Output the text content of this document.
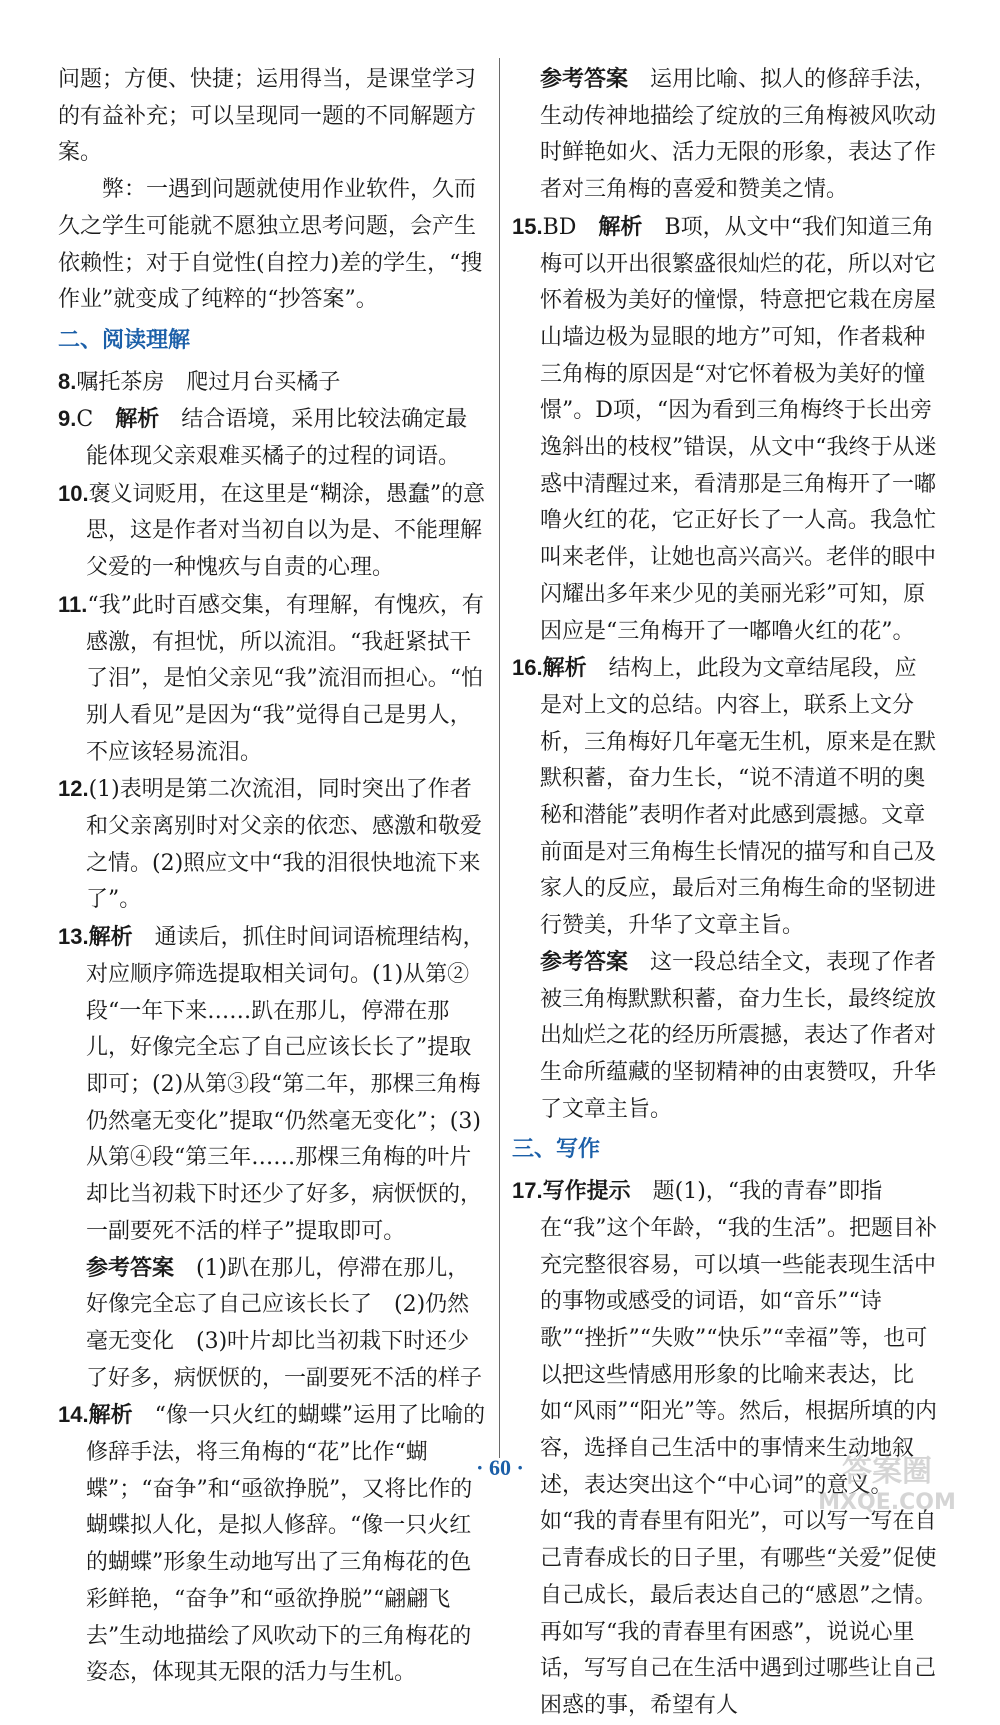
问题；方便、快捷；运用得当，是课堂学习的有益补充；可以呈现同一题的不同解题方案。

弊：一遇到问题就使用作业软件，久而久之学生可能就不愿独立思考问题，会产生依赖性；对于自觉性(自控力)差的学生，“搜作业”就变成了纯粹的“抄答案”。

二、阅读理解

8.嘱托茶房　爬过月台买橘子

9.C　 解析　 结合语境，采用比较法确定最能体现父亲艰难买橘子的过程的词语。

10.褒义词贬用，在这里是“糊涂，愚蠢”的意思，这是作者对当初自以为是、不能理解父爱的一种愧疚与自责的心理。

11.“我”此时百感交集，有理解，有愧疚，有感激，有担忧，所以流泪。“我赶紧拭干了泪”，是怕父亲见“我”流泪而担心。“怕别人看见”是因为“我”觉得自己是男人，不应该轻易流泪。

12.(1)表明是第二次流泪，同时突出了作者和父亲离别时对父亲的依恋、感激和敬爱之情。(2)照应文中“我的泪很快地流下来了”。

13.解析　 通读后，抓住时间词语梳理结构，对应顺序筛选提取相关词句。(1)从第②段“一年下来……趴在那儿，停滞在那儿，好像完全忘了自己应该长长了”提取即可；(2)从第③段“第二年，那棵三角梅仍然毫无变化”提取“仍然毫无变化”；(3)从第④段“第三年……那棵三角梅的叶片却比当初栽下时还少了好多，病恹恹的，一副要死不活的样子”提取即可。

参考答案　 (1)趴在那儿，停滞在那儿，好像完全忘了自己应该长长了　(2)仍然毫无变化　(3)叶片却比当初栽下时还少了好多，病恹恹的，一副要死不活的样子

14.解析　 “像一只火红的蝴蝶”运用了比喻的修辞手法，将三角梅的“花”比作“蝴蝶”；“奋争”和“亟欲挣脱”，又将比作的蝴蝶拟人化，是拟人修辞。“像一只火红的蝴蝶”形象生动地写出了三角梅花的色彩鲜艳，“奋争”和“亟欲挣脱”“翩翩飞去”生动地描绘了风吹动下的三角梅花的姿态，体现其无限的活力与生机。

参考答案　 运用比喻、拟人的修辞手法，生动传神地描绘了绽放的三角梅被风吹动时鲜艳如火、活力无限的形象，表达了作者对三角梅的喜爱和赞美之情。

15.BD　 解析　 B项，从文中“我们知道三角梅可以开出很繁盛很灿烂的花，所以对它怀着极为美好的憧憬，特意把它栽在房屋山墙边极为显眼的地方”可知，作者栽种三角梅的原因是“对它怀着极为美好的憧憬”。D项，“因为看到三角梅终于长出旁逸斜出的枝杈”错误，从文中“我终于从迷惑中清醒过来，看清那是三角梅开了一嘟噜火红的花，它正好长了一人高。我急忙叫来老伴，让她也高兴高兴。老伴的眼中闪耀出多年来少见的美丽光彩”可知，原因应是“三角梅开了一嘟噜火红的花”。

16.解析　 结构上，此段为文章结尾段，应是对上文的总结。内容上，联系上文分析，三角梅好几年毫无生机，原来是在默默积蓄，奋力生长，“说不清道不明的奥秘和潜能”表明作者对此感到震撼。文章前面是对三角梅生长情况的描写和自己及家人的反应，最后对三角梅生命的坚韧进行赞美，升华了文章主旨。

参考答案　 这一段总结全文，表现了作者被三角梅默默积蓄，奋力生长，最终绽放出灿烂之花的经历所震撼，表达了作者对生命所蕴藏的坚韧精神的由衷赞叹，升华了文章主旨。

三、写作

17.写作提示　 题(1)，“我的青春”即指在“我”这个年龄，“我的生活”。把题目补充完整很容易，可以填一些能表现生活中的事物或感受的词语，如“音乐”“诗歌”“挫折”“失败”“快乐”“幸福”等，也可以把这些情感用形象的比喻来表达，比如“风雨”“阳光”等。然后，根据所填的内容，选择自己生活中的事情来生动地叙述，表达突出这个“中心词”的意义。如“我的青春里有阳光”，可以写一写在自己青春成长的日子里，有哪些“关爱”促使自己成长，最后表达自己的“感恩”之情。再如写“我的青春里有困惑”，说说心里话，写写自己在生活中遇到过哪些让自己困惑的事，希望有人

· 60 ·	答案圈
MXQE.COM
